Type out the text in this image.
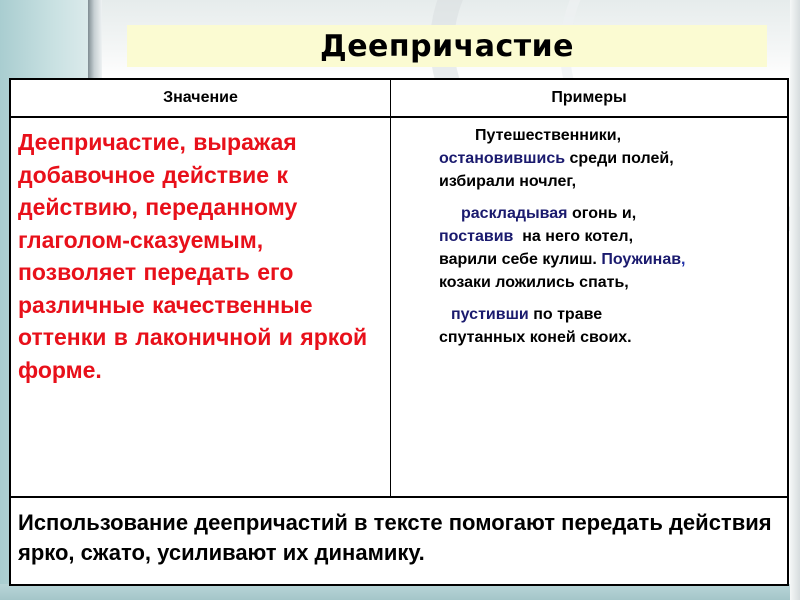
Деепричастие
Значение	Примеры
Деепричастие, выражая добавочное действие к действию, переданному глаголом-сказуемым, позволяет передать его различные качественные оттенки в лаконичной и яркой форме.
Путешественники,
остановившись среди полей,
избирали ночлег,
раскладывая огонь и,
поставив  на него котел,
варили себе кулиш. Поужинав,
козаки ложились спать,
пустивши по траве
спутанных коней своих.
Использование деепричастий в тексте помогают передать действия ярко, сжато, усиливают их динамику.
